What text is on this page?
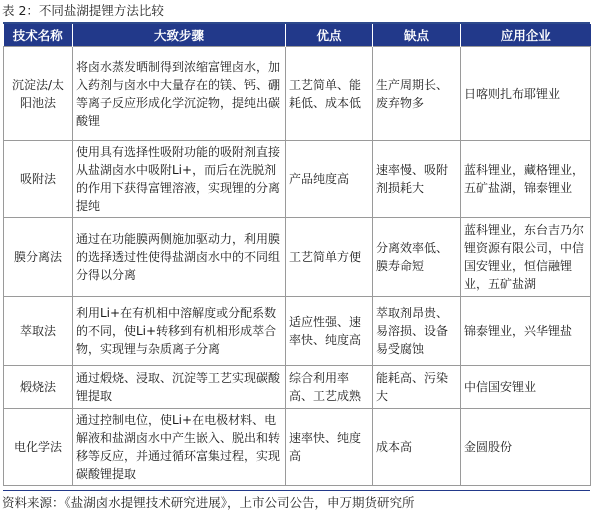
表 2：不同盐湖提锂方法比较
技术名称	大致步骤	优点	缺点	应用企业
沉淀法/太阳池法	将卤水蒸发晒制得到浓缩富锂卤水，加入药剂与卤水中大量存在的镁、钙、硼等离子反应形成化学沉淀物，提纯出碳酸锂	工艺简单、能耗低、成本低	生产周期长、废弃物多	日喀则扎布耶锂业
吸附法	使用具有选择性吸附功能的吸附剂直接从盐湖卤水中吸附Li+，而后在洗脱剂的作用下获得富锂溶液，实现锂的分离提纯	产品纯度高	速率慢、吸附剂损耗大	蓝科锂业，藏格锂业，五矿盐湖，锦泰锂业
膜分离法	通过在功能膜两侧施加驱动力，利用膜的选择透过性使得盐湖卤水中的不同组分得以分离	工艺简单方便	分离效率低、膜寿命短	蓝科锂业，东台吉乃尔锂资源有限公司，中信国安锂业，恒信融锂业，五矿盐湖
萃取法	利用Li+在有机相中溶解度或分配系数的不同，使Li+转移到有机相形成萃合物，实现锂与杂质离子分离	适应性强、速率快、纯度高	萃取剂昂贵、易溶损、设备易受腐蚀	锦泰锂业，兴华锂盐
煅烧法	通过煅烧、浸取、沉淀等工艺实现碳酸锂提取	综合利用率高、工艺成熟	能耗高、污染大	中信国安锂业
电化学法	通过控制电位，使Li+在电极材料、电解液和盐湖卤水中产生嵌入、脱出和转移等反应，并通过循环富集过程，实现碳酸锂提取	速率快、纯度高	成本高	金圆股份
资料来源：《盐湖卤水提锂技术研究进展》，上市公司公告，申万期货研究所
